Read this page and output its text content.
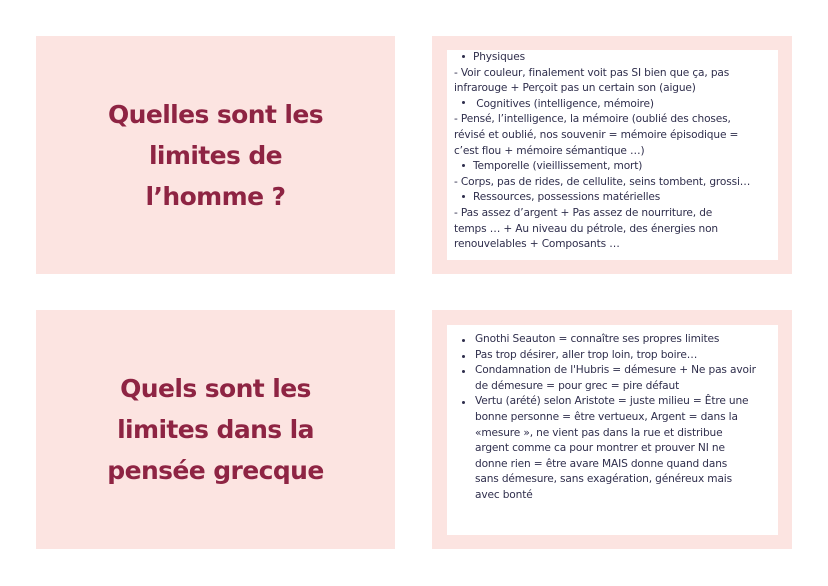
Quelles sont les
limites de
l’homme ?
Physiques
- Voir couleur, finalement voit pas SI bien que ça, pas
infrarouge + Perçoit pas un certain son (aigue)
Cognitives (intelligence, mémoire)
- Pensé, l’intelligence, la mémoire (oublié des choses,
révisé et oublié, nos souvenir = mémoire épisodique =
c’est flou + mémoire sémantique …)
Temporelle (vieillissement, mort)
- Corps, pas de rides, de cellulite, seins tombent, grossi…
Ressources, possessions matérielles
- Pas assez d’argent + Pas assez de nourriture, de
temps … + Au niveau du pétrole, des énergies non
renouvelables + Composants …
Quels sont les
limites dans la
pensée grecque
Gnothi Seauton = connaître ses propres limites
Pas trop désirer, aller trop loin, trop boire…
Condamnation de l'Hubris = démesure + Ne pas avoir
de démesure = pour grec = pire défaut
Vertu (arété) selon Aristote = juste milieu = Être une
bonne personne = être vertueux, Argent = dans la
«mesure », ne vient pas dans la rue et distribue
argent comme ca pour montrer et prouver NI ne
donne rien = être avare MAIS donne quand dans
sans démesure, sans exagération, généreux mais
avec bonté
